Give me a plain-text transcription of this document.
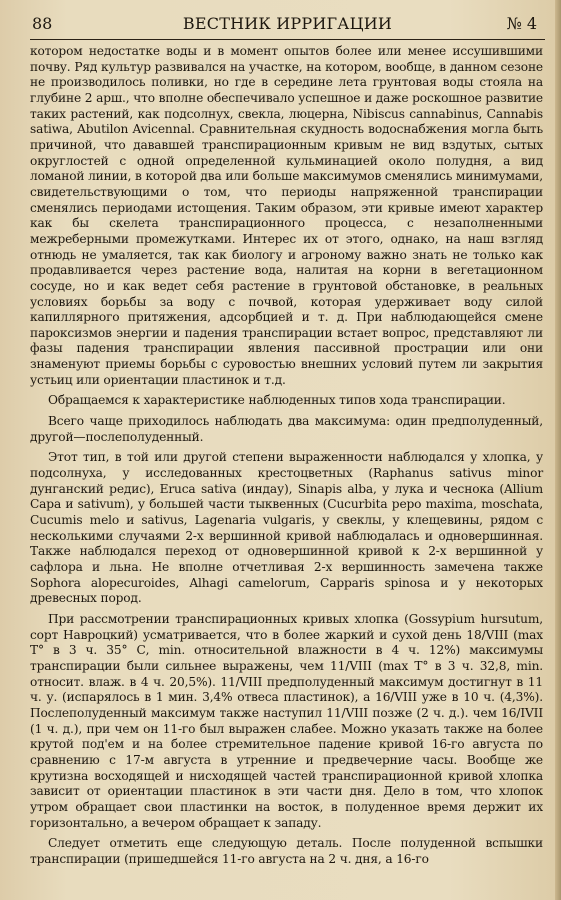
88	ВЕСТНИК ИРРИГАЦИИ	№ 4

котором недостатке воды и в момент опытов более или менее иссушившими почву. Ряд культур развивался на участке, на котором, вообще, в данном сезоне не производилось поливки, но где в середине лета грунтовая воды стояла на глубине 2 арш., что вполне обеспечивало успешное и даже роскошное развитие таких растений, как подсолнух, свекла, люцерна, Nibiscus cannabinus, Cannabis satiwa, Abutilon Avicennal. Сравнительная скудность водоснабжения могла быть причиной, что дававшей транспирационным кривым не вид вздутых, сытых округлостей с одной определенной кульминацией около полудня, а вид ломаной линии, в которой два или больше максимумов сменялись минимумами, свидетельствующими о том, что периоды напряженной транспирации сменялись периодами истощения. Таким образом, эти кривые имеют характер как бы скелета транспирационного процесса, с незаполненными межреберными промежутками. Интерес их от этого, однако, на наш взгляд отнюдь не умаляется, так как биологу и агроному важно знать не только как продавливается через растение вода, налитая на корни в вегетационном сосуде, но и как ведет себя растение в грунтовой обстановке, в реальных условиях борьбы за воду с почвой, которая удерживает воду силой капиллярного притяжения, адсорбцией и т. д. При наблюдающейся смене пароксизмов энергии и падения транспирации встает вопрос, представляют ли фазы падения транспирации явления пассивной прострации или они знаменуют приемы борьбы с суровостью внешних условий путем ли закрытия устьиц или ориентации пластинок и т.д.

Обращаемся к характеристике наблюденных типов хода транспирации.

Всего чаще приходилось наблюдать два максимума: один предполуденный, другой—послеполуденный.

Этот тип, в той или другой степени выраженности наблюдался у хлопка, у подсолнуха, у исследованных крестоцветных (Raphanus sativus minor дунганский редис), Eruca sativa (индау), Sinapis alba, у лука и чеснока (Allium Capa и sativum), у большей части тыквенных (Cucurbita pepo maxima, moschata, Cucumis melo и sativus, Lagenaria vulgaris, у свеклы, у клещевины, рядом с несколькими случаями 2-х вершинной кривой наблюдалась и одновершинная. Также наблюдался переход от одновершинной кривой к 2-х вершинной у сафлора и льна. Не вполне отчетливая 2-х вершинность замечена также Sophora alopecuroides, Alhagi camelorum, Capparis spinosa и у некоторых древесных пород.

При рассмотрении транспирационных кривых хлопка (Gossypium hursutum, сорт Навроцкий) усматривается, что в более жаркий и сухой день 18/VIII (max T° в 3 ч. 35° С, min. относительной влажности в 4 ч. 12%) максимумы транспирации были сильнее выражены, чем 11/VIII (max T° в 3 ч. 32,8, min. относит. влаж. в 4 ч. 20,5%). 11/VIII предполуденный максимум достигнут в 11 ч. у. (испарялось в 1 мин. 3,4% отвеса пластинок), а 16/VIII уже в 10 ч. (4,3%). Послеполуденный максимум также наступил 11/VIII позже (2 ч. д.). чем 16/IVII (1 ч. д.), при чем он 11-го был выражен слабее. Можно указать также на более крутой под'ем и на более стремительное падение кривой 16-го августа по сравнению с 17-м августа в утренние и предвечерние часы. Вообще же крутизна восходящей и нисходящей частей транспирационной кривой хлопка зависит от ориентации пластинок в эти части дня. Дело в том, что хлопок утром обращает свои пластинки на восток, в полуденное время держит их горизонтально, а вечером обращает к западу.

Следует отметить еще следующую деталь. После полуденной вспышки транспирации (пришедшейся 11-го августа на 2 ч. дня, а 16-го
